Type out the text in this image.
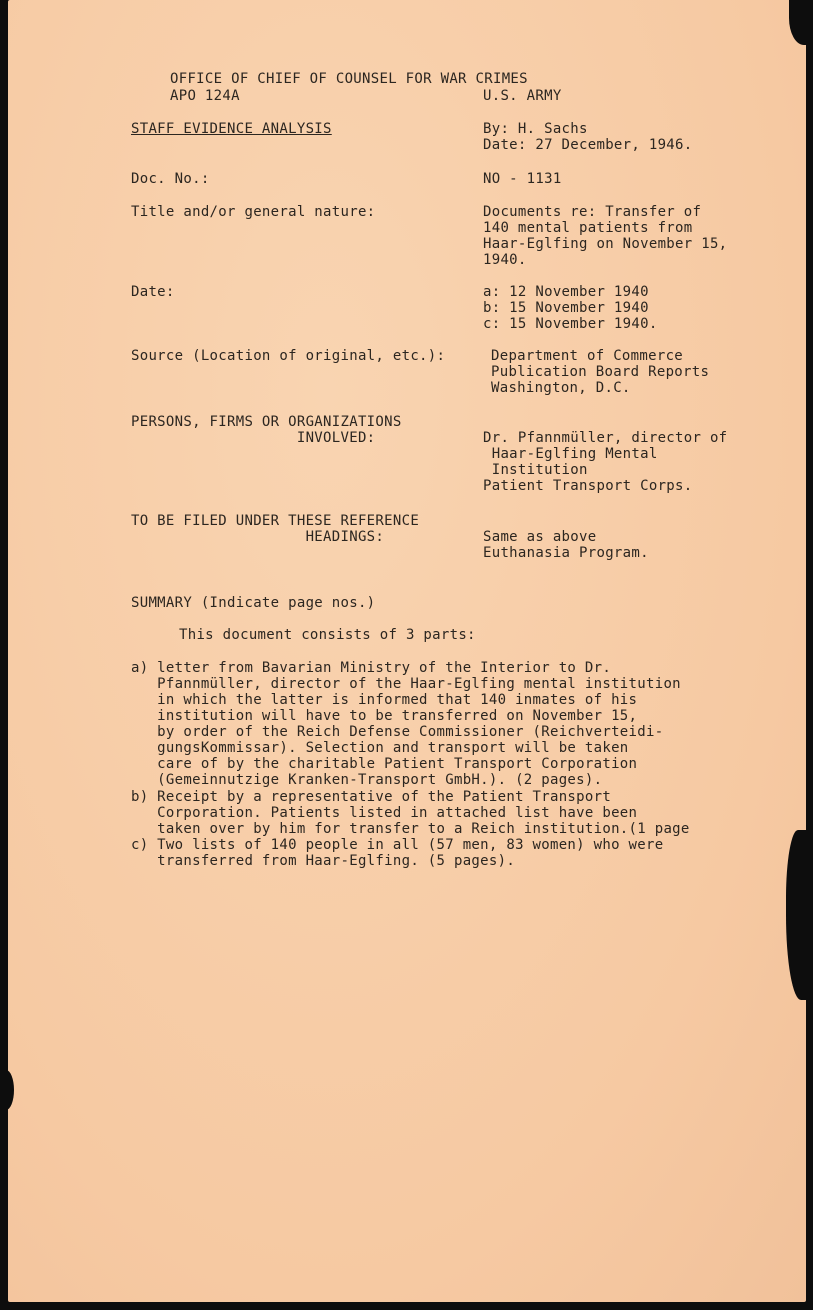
OFFICE OF CHIEF OF COUNSEL FOR WAR CRIMES

APO 124A	U.S. ARMY

STAFF EVIDENCE ANALYSIS	By: H. Sachs

Date: 27 December, 1946.

Doc. No.:	NO - 1131

Title and/or general nature:	Documents re: Transfer of
140 mental patients from
Haar-Eglfing on November 15,
1940.

Date:	a: 12 November 1940
b: 15 November 1940
c: 15 November 1940.

Source (Location of original, etc.):	Department of Commerce
Publication Board Reports
Washington, D.C.

PERSONS, FIRMS OR ORGANIZATIONS
INVOLVED:	Dr. Pfannmüller, director of
Haar-Eglfing Mental
Institution
Patient Transport Corps.

TO BE FILED UNDER THESE REFERENCE
HEADINGS:	Same as above
Euthanasia Program.

SUMMARY (Indicate page nos.)

This document consists of 3 parts:

a) letter from Bavarian Ministry of the Interior to Dr.
Pfannmüller, director of the Haar-Eglfing mental institution
in which the latter is informed that 140 inmates of his
institution will have to be transferred on November 15,
by order of the Reich Defense Commissioner (Reichverteidi-
gungsKommissar). Selection and transport will be taken
care of by the charitable Patient Transport Corporation
(Gemeinnutzige Kranken-Transport GmbH.). (2 pages).

b) Receipt by a representative of the Patient Transport
Corporation. Patients listed in attached list have been
taken over by him for transfer to a Reich institution.(1 page

c) Two lists of 140 people in all (57 men, 83 women) who were
transferred from Haar-Eglfing. (5 pages).
